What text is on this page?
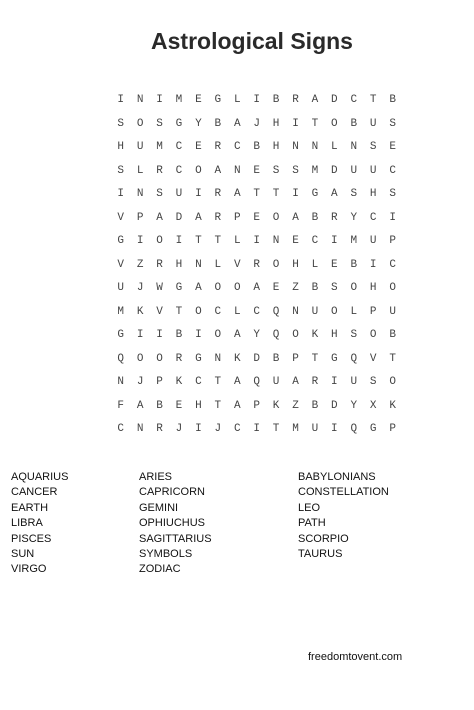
Astrological Signs
I	N	I	M	E	G	L	I	B	R	A	D	C	T	B
S	O	S	G	Y	B	A	J	H	I	T	O	B	U	S
H	U	M	C	E	R	C	B	H	N	N	L	N	S	E
S	L	R	C	O	A	N	E	S	S	M	D	U	U	C
I	N	S	U	I	R	A	T	T	I	G	A	S	H	S
V	P	A	D	A	R	P	E	O	A	B	R	Y	C	I
G	I	O	I	T	T	L	I	N	E	C	I	M	U	P
V	Z	R	H	N	L	V	R	O	H	L	E	B	I	C
U	J	W	G	A	O	O	A	E	Z	B	S	O	H	O
M	K	V	T	O	C	L	C	Q	N	U	O	L	P	U
G	I	I	B	I	O	A	Y	Q	O	K	H	S	O	B
Q	O	O	R	G	N	K	D	B	P	T	G	Q	V	T
N	J	P	K	C	T	A	Q	U	A	R	I	U	S	O
F	A	B	E	H	T	A	P	K	Z	B	D	Y	X	K
C	N	R	J	I	J	C	I	T	M	U	I	Q	G	P
AQUARIUS
CANCER
EARTH
LIBRA
PISCES
SUN
VIRGO
ARIES
CAPRICORN
GEMINI
OPHIUCHUS
SAGITTARIUS
SYMBOLS
ZODIAC
BABYLONIANS
CONSTELLATION
LEO
PATH
SCORPIO
TAURUS
freedomtovent.com
